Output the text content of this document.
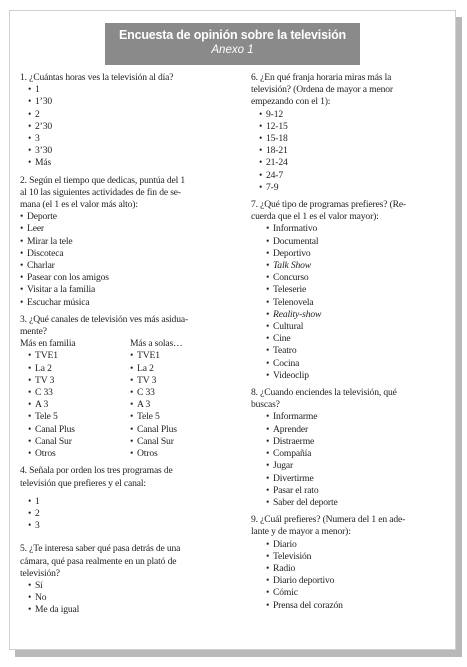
Encuesta de opinión sobre la televisión
Anexo 1

1. ¿Cuántas horas ves la televisión al día?

• 1
• 1’30
• 2
• 2’30
• 3
• 3’30
• Más

2. Según el tiempo que dedicas, puntúa del 1

al 10 las siguientes actividades de fin de se-

mana (el 1 es el valor más alto):

• Deporte
• Leer
• Mirar la tele
• Discoteca
• Charlar
• Pasear con los amigos
• Visitar a la familia
• Escuchar música

3. ¿Qué canales de televisión ves más asidua-

mente?

Más en familia

• TVE1
• La 2
• TV 3
• C 33
• A 3
• Tele 5
• Canal Plus
• Canal Sur
• Otros

Más a solas…

• TVE1
• La 2
• TV 3
• C 33
• A 3
• Tele 5
• Canal Plus
• Canal Sur
• Otros

4. Señala por orden los tres programas de

televisión que prefieres y el canal:

• 1
• 2
• 3

5. ¿Te interesa saber qué pasa detrás de una

cámara, qué pasa realmente en un plató de

televisión?

• Sí
• No
• Me da igual

6. ¿En qué franja horaria miras más la

televisión? (Ordena de mayor a menor

empezando con el 1):

• 9-12
• 12-15
• 15-18
• 18-21
• 21-24
• 24-7
• 7-9

7. ¿Qué tipo de programas prefieres? (Re-

cuerda que el 1 es el valor mayor):

• Informativo
• Documental
• Deportivo
• Talk Show
• Concurso
• Teleserie
• Telenovela
• Reality-show
• Cultural
• Cine
• Teatro
• Cocina
• Videoclip

8. ¿Cuando enciendes la televisión, qué

buscas?

• Informarme
• Aprender
• Distraerme
• Compañía
• Jugar
• Divertirme
• Pasar el rato
• Saber del deporte

9. ¿Cuál prefieres? (Numera del 1 en ade-

lante y de mayor a menor):

• Diario
• Televisión
• Radio
• Diario deportivo
• Cómic
• Prensa del corazón
